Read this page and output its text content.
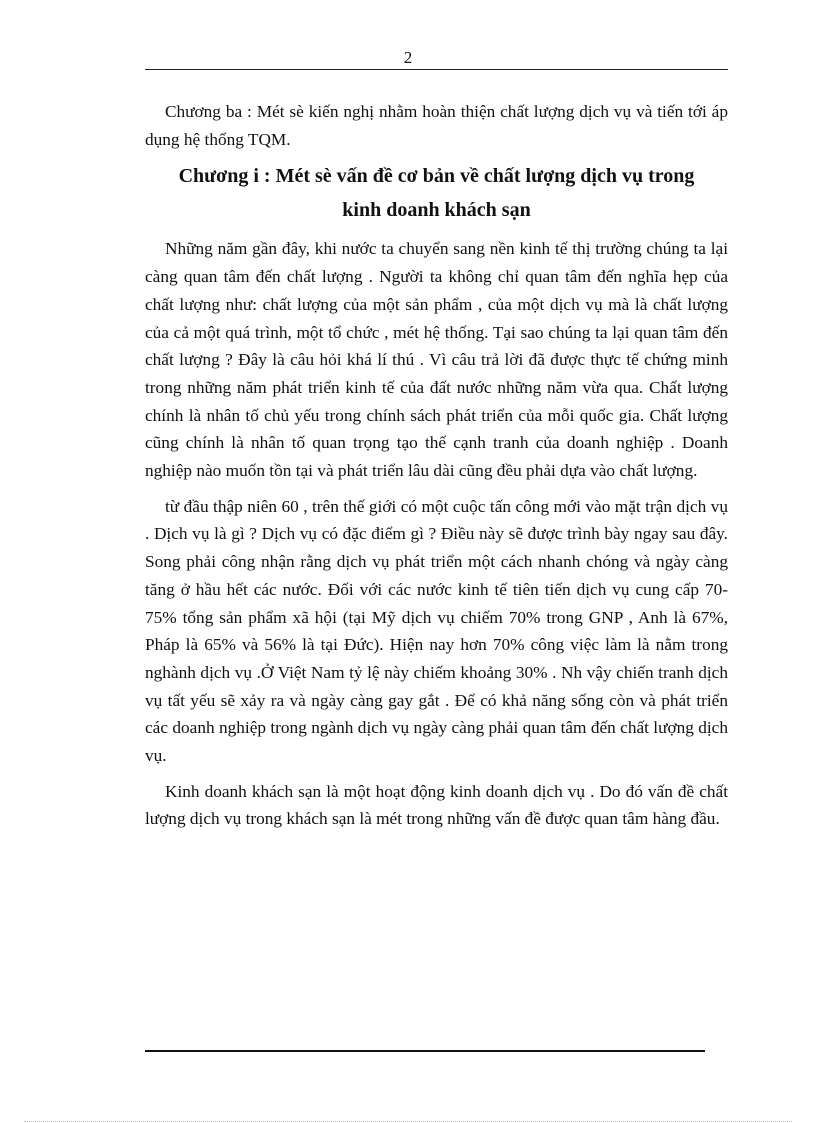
2

Chương ba : Mét sè kiến nghị nhằm hoàn thiện chất lượng dịch vụ và tiến tới áp dụng hệ thống TQM.

Chương i : Mét sè vấn đề cơ bản về chất lượng dịch vụ trong
kinh doanh khách sạn

Những năm gần đây, khi nước ta chuyển sang nền kinh tế thị trường chúng ta lại càng quan tâm đến chất lượng . Người ta không chỉ quan tâm đến nghĩa hẹp của chất lượng như: chất lượng của một sản phẩm , của một dịch vụ mà là chất lượng của cả một quá trình, một tổ chức , mét hệ thống. Tại sao chúng ta lại quan tâm đến chất lượng ? Đây là câu hỏi khá lí thú . Vì câu trả lời đã được thực tế chứng minh trong những năm phát triển kinh tế của đất nước những năm vừa qua. Chất lượng chính là nhân tố chủ yếu trong chính sách phát triển của mỗi quốc gia. Chất lượng cũng chính là nhân tố quan trọng tạo thế cạnh tranh của doanh nghiệp . Doanh nghiệp nào muốn tồn tại và phát triển lâu dài cũng đều phải dựa vào chất lượng.

từ đầu thập niên 60 , trên thế giới có một cuộc tấn công mới vào mặt trận dịch vụ . Dịch vụ là gì ? Dịch vụ có đặc điểm gì ? Điều này sẽ được trình bày ngay sau đây. Song phải công nhận rằng dịch vụ phát triển một cách nhanh chóng và ngày càng tăng ở hầu hết các nước. Đối với các nước kinh tế tiên tiến dịch vụ cung cấp 70- 75% tổng sản phẩm xã hội (tại Mỹ dịch vụ chiếm 70% trong GNP , Anh là 67%, Pháp là 65% và 56% là tại Đức). Hiện nay hơn 70% công việc làm là nằm trong nghành dịch vụ .Ở Việt Nam tỷ lệ này chiếm khoảng 30% . Nh vậy chiến tranh dịch vụ tất yếu sẽ xảy ra và ngày càng gay gắt . Để có khả năng sống còn và phát triển các doanh nghiệp trong ngành dịch vụ ngày càng phải quan tâm đến chất lượng dịch vụ.

Kinh doanh khách sạn là một hoạt động kinh doanh dịch vụ . Do đó vấn đề chất lượng dịch vụ trong khách sạn là mét trong những vấn đề được quan tâm hàng đầu.
